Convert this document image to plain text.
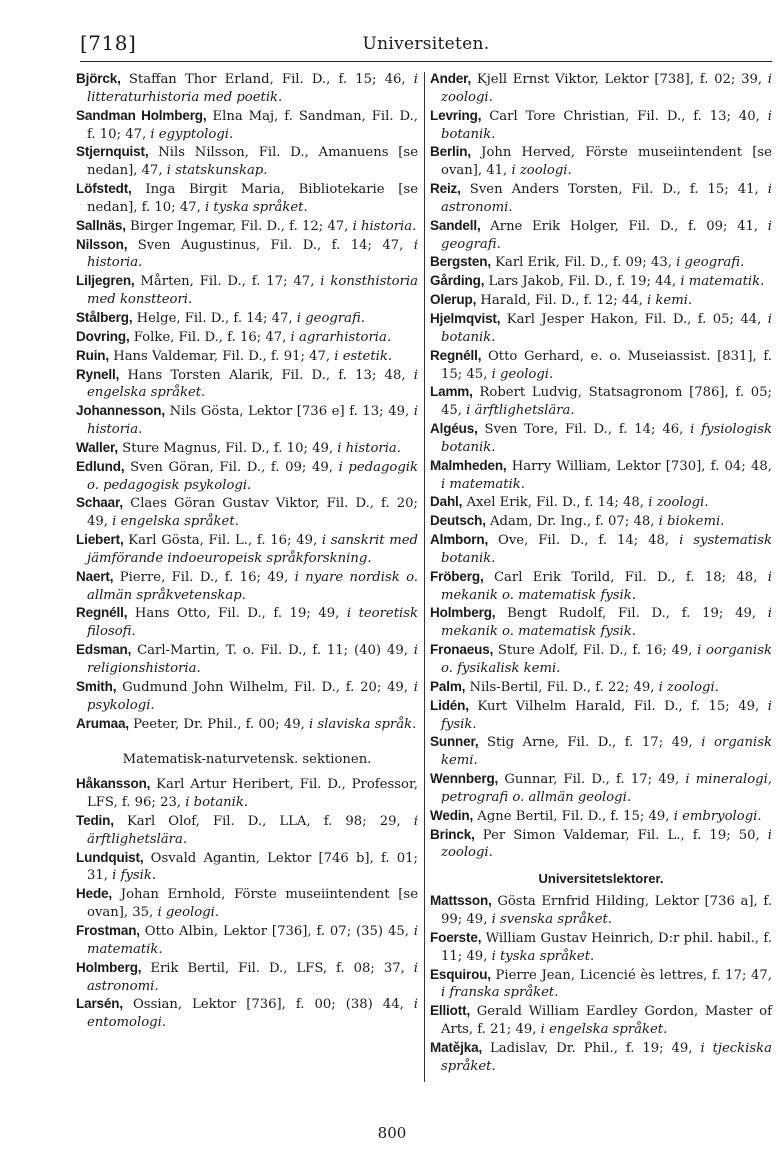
[718]	Universiteten.

Björck, Staffan Thor Erland, Fil. D., f. 15; 46, i litteraturhistoria med poetik.

Sandman Holmberg, Elna Maj, f. Sandman, Fil. D., f. 10; 47, i egyptologi.

Stjernquist, Nils Nilsson, Fil. D., Amanuens [se nedan], 47, i statskunskap.

Löfstedt, Inga Birgit Maria, Bibliotekarie [se nedan], f. 10; 47, i tyska språket.

Sallnäs, Birger Ingemar, Fil. D., f. 12; 47, i historia.

Nilsson, Sven Augustinus, Fil. D., f. 14; 47, i historia.

Liljegren, Mårten, Fil. D., f. 17; 47, i konsthistoria med konstteori.

Stålberg, Helge, Fil. D., f. 14; 47, i geografi.

Dovring, Folke, Fil. D., f. 16; 47, i agrarhistoria.

Ruin, Hans Valdemar, Fil. D., f. 91; 47, i estetik.

Rynell, Hans Torsten Alarik, Fil. D., f. 13; 48, i engelska språket.

Johannesson, Nils Gösta, Lektor [736 e] f. 13; 49, i historia.

Waller, Sture Magnus, Fil. D., f. 10; 49, i historia.

Edlund, Sven Göran, Fil. D., f. 09; 49, i pedagogik o. pedagogisk psykologi.

Schaar, Claes Göran Gustav Viktor, Fil. D., f. 20; 49, i engelska språket.

Liebert, Karl Gösta, Fil. L., f. 16; 49, i sanskrit med jämförande indoeuropeisk språkforskning.

Naert, Pierre, Fil. D., f. 16; 49, i nyare nordisk o. allmän språkvetenskap.

Regnéll, Hans Otto, Fil. D., f. 19; 49, i teoretisk filosofi.

Edsman, Carl-Martin, T. o. Fil. D., f. 11; (40) 49, i religionshistoria.

Smith, Gudmund John Wilhelm, Fil. D., f. 20; 49, i psykologi.

Arumaa, Peeter, Dr. Phil., f. 00; 49, i slaviska språk.

Matematisk-naturvetensk. sektionen.

Håkansson, Karl Artur Heribert, Fil. D., Professor, LFS, f. 96; 23, i botanik.

Tedin, Karl Olof, Fil. D., LLA, f. 98; 29, i ärftlighetslära.

Lundquist, Osvald Agantin, Lektor [746 b], f. 01; 31, i fysik.

Hede, Johan Ernhold, Förste museiintendent [se ovan], 35, i geologi.

Frostman, Otto Albin, Lektor [736], f. 07; (35) 45, i matematik.

Holmberg, Erik Bertil, Fil. D., LFS, f. 08; 37, i astronomi.

Larsén, Ossian, Lektor [736], f. 00; (38) 44, i entomologi.

Ander, Kjell Ernst Viktor, Lektor [738], f. 02; 39, i zoologi.

Levring, Carl Tore Christian, Fil. D., f. 13; 40, i botanik.

Berlin, John Herved, Förste museiintendent [se ovan], 41, i zoologi.

Reiz, Sven Anders Torsten, Fil. D., f. 15; 41, i astronomi.

Sandell, Arne Erik Holger, Fil. D., f. 09; 41, i geografi.

Bergsten, Karl Erik, Fil. D., f. 09; 43, i geografi.

Gårding, Lars Jakob, Fil. D., f. 19; 44, i matematik.

Olerup, Harald, Fil. D., f. 12; 44, i kemi.

Hjelmqvist, Karl Jesper Hakon, Fil. D., f. 05; 44, i botanik.

Regnéll, Otto Gerhard, e. o. Museiassist. [831], f. 15; 45, i geologi.

Lamm, Robert Ludvig, Statsagronom [786], f. 05; 45, i ärftlighetslära.

Algéus, Sven Tore, Fil. D., f. 14; 46, i fysiologisk botanik.

Malmheden, Harry William, Lektor [730], f. 04; 48, i matematik.

Dahl, Axel Erik, Fil. D., f. 14; 48, i zoologi.

Deutsch, Adam, Dr. Ing., f. 07; 48, i biokemi.

Almborn, Ove, Fil. D., f. 14; 48, i systematisk botanik.

Fröberg, Carl Erik Torild, Fil. D., f. 18; 48, i mekanik o. matematisk fysik.

Holmberg, Bengt Rudolf, Fil. D., f. 19; 49, i mekanik o. matematisk fysik.

Fronaeus, Sture Adolf, Fil. D., f. 16; 49, i oorganisk o. fysikalisk kemi.

Palm, Nils-Bertil, Fil. D., f. 22; 49, i zoologi.

Lidén, Kurt Vilhelm Harald, Fil. D., f. 15; 49, i fysik.

Sunner, Stig Arne, Fil. D., f. 17; 49, i organisk kemi.

Wennberg, Gunnar, Fil. D., f. 17; 49, i mineralogi, petrografi o. allmän geologi.

Wedin, Agne Bertil, Fil. D., f. 15; 49, i embryologi.

Brinck, Per Simon Valdemar, Fil. L., f. 19; 50, i zoologi.

Universitetslektorer.

Mattsson, Gösta Ernfrid Hilding, Lektor [736 a], f. 99; 49, i svenska språket.

Foerste, William Gustav Heinrich, D:r phil. habil., f. 11; 49, i tyska språket.

Esquirou, Pierre Jean, Licencié ès lettres, f. 17; 47, i franska språket.

Elliott, Gerald William Eardley Gordon, Master of Arts, f. 21; 49, i engelska språket.

Matějka, Ladislav, Dr. Phil., f. 19; 49, i tjeckiska språket.

800
